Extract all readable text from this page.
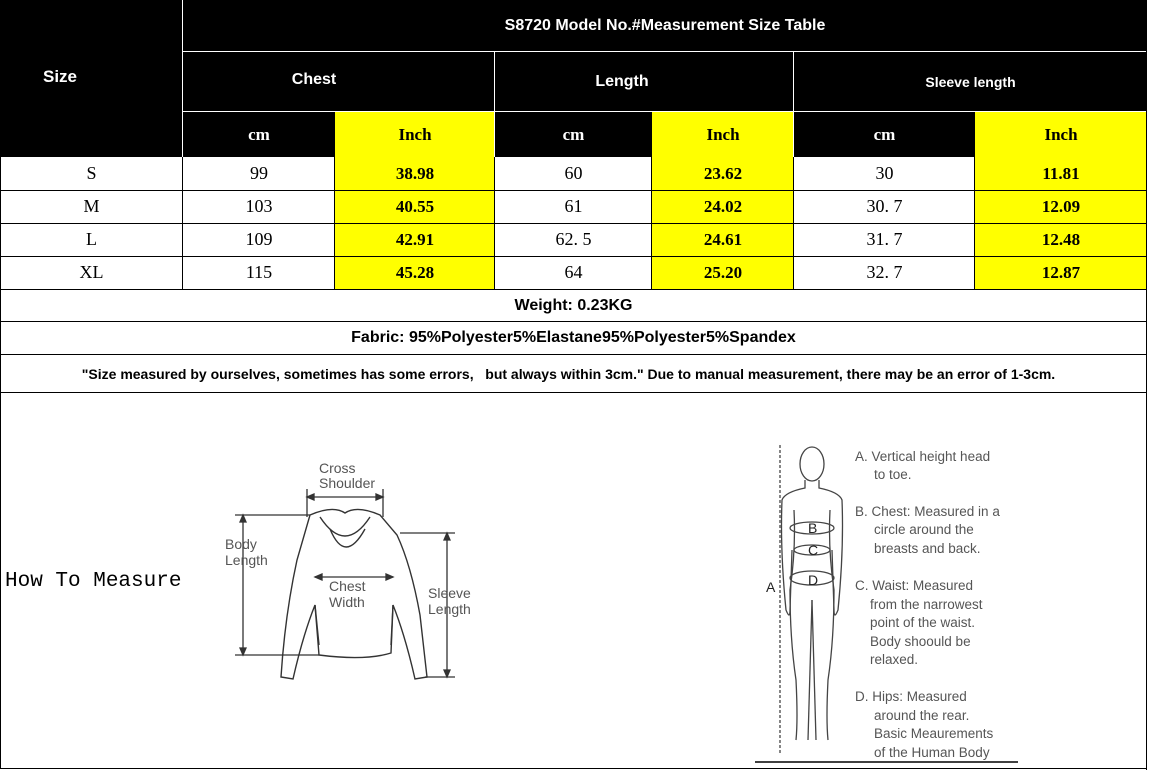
Size
S8720 Model No.#Measurement Size Table
Chest	Length	Sleeve length
cm	Inch	cm	Inch	cm	Inch
S	99	38.98	60	23.62	30	11.81
M	103	40.55	61	24.02	30. 7	12.09
L	109	42.91	62. 5	24.61	31. 7	12.48
XL	115	45.28	64	25.20	32. 7	12.87
Weight: 0.23KG
Fabric: 95%Polyester5%Elastane95%Polyester5%Spandex
"Size measured by ourselves, sometimes has some errors,   but always within 3cm." Due to manual measurement, there may be an error of 1-3cm.
How To Measure
Cross
Shoulder
Body
Length
Chest
Width
Sleeve
Length
A
B
C
D
A. Vertical height head
to toe.
B. Chest: Measured in a
circle around the
breasts and back.
C. Waist: Measured
from the narrowest
point of the waist.
Body shoould be
relaxed.
D. Hips: Measured
around the rear.
Basic Meaurements
of the Human Body
